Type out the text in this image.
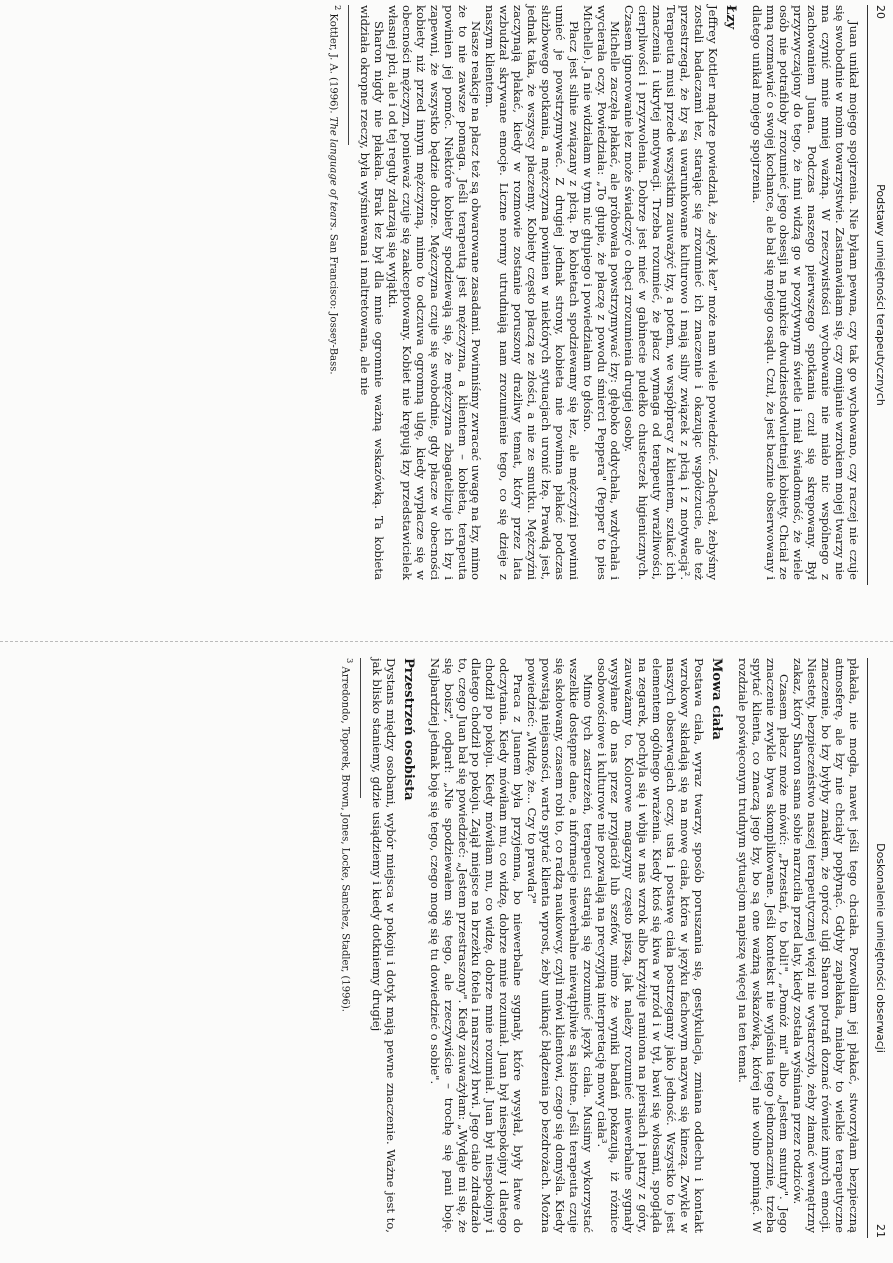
20
Podstawy umiejętności terapeutycznych

Juan unikał mojego spojrzenia. Nie byłam pewna, czy tak go wychowano, czy raczej nie czuje się swobodnie w moim towarzystwie. Zastanawiałam się, czy omijanie wzrokiem mojej twarzy nie ma czynić mnie mniej ważną. W rzeczywistości wychowanie nie miało nic wspólnego z zachowaniem Juana. Podczas naszego pierwszego spotkania czuł się skrępowany. Był przyzwyczajony do tego, że inni widzą go w pozytywnym świetle i miał świadomość, że wiele osób nie potrafiłoby zrozumieć jego obsesji na punkcie dwudziestodwuletniej kobiety. Chciał ze mną rozmawiać o swojej kochance, ale bał się mojego osądu. Czuł, że jest bacznie obserwowany i dlatego unikał mojego spojrzenia.

Łzy

Jeffrey Kottler mądrze powiedział, że „język łez" może nam wiele powiedzieć. Zachęcał, żebyśmy zostali badaczami łez, starając się zrozumieć ich znaczenie i okazując współczucie, ale też przestrzegał, że łzy są uwarunkowane kulturowo i mają silny związek z płcią i z motywacją². Terapeuta musi przede wszystkim zauważyć łzy, a potem, we współpracy z klientem, szukać ich znaczenia i ukrytej motywacji. Trzeba rozumieć, że płacz wymaga od terapeuty wrażliwości, cierpliwości i przyzwolenia. Dobrze jest mieć w gabinecie pudełko chusteczek higienicznych. Czasem ignorowanie łez może świadczyć o chęci zrozumienia drugiej osoby.

Michelle zaczęła płakać, ale próbowała powstrzymywać łzy: głęboko oddychała, wzdychała i wycierała oczy. Powiedziała: „To głupie, że płaczę z powodu śmierci Peppera" (Pepper to pies Michelle). Ja nie widziałam w tym nic głupiego i powiedziałam to głośno.

Płacz jest silnie związany z płcią. Po kobietach spodziewamy się łez, ale mężczyźni powinni umieć je powstrzymywać. Z drugiej jednak strony, kobieta nie powinna płakać podczas służbowego spotkania, a mężczyzna powinien w niektórych sytuacjach uronić łzę. Prawdą jest, jednak taka, że wszyscy płaczemy. Kobiety często płaczą ze złości, a nie ze smutku. Mężczyźni zaczynają płakać, kiedy w rozmowie zostanie poruszony drażliwy temat, który przez lata wzbudzał skrywane emocje. Liczne normy utrudniają nam zrozumienie tego, co się dzieje z naszym klientem.

Nasze reakcje na płacz też są obwarowane zasadami. Powinniśmy zwracać uwagę na łzy, mimo że to nie zawsze pomaga. Jeśli terapeutą jest mężczyzna, a klientem – kobieta, terapeuta powinien jej pomóc. Niektóre kobiety spodziewają się, że mężczyzna zbagatelizuje ich łzy i zapewni, że wszystko będzie dobrze. Mężczyzna czuje się swobodnie, gdy płacze w obecności kobiety niż przed innym mężczyzną, mimo to odczuwa ogromną ulgę, kiedy wypłacze się w obecności mężczyzn, ponieważ czuje się zaakceptowany. Kobiet nie krępują łzy przedstawicielek własnej płci, ale i od tej reguły zdarzają się wyjątki.

Sharon nigdy nie płakała. Brak łez był dla mnie ogromnie ważną wskazówką. Ta kobieta widziała okropne rzeczy, była wyśmiewana i maltretowana, ale nie

$^2$ Kottler, J. A. (1996). The language of tears. San Francisco: Jossey-Bass.

Doskonalenie umiejętności obserwacji
21

płakała, nie mogła, nawet jeśli tego chciała. Pozwoliłam jej płakać, stworzyłam bezpieczną atmosferę, ale łzy nie chciały popłynąć. Gdyby zapłakała, miałoby to wielkie terapeutyczne znaczenie, bo łzy byłyby znakiem, że oprócz ulgi Sharon potrafi doznać również innych emocji. Niestety, bezpieczeństwo naszej terapeutycznej więzi nie wystarczyło, żeby złamać wewnętrzny zakaz, który Sharon sama sobie narzuciła przed laty, kiedy została wyśmiana przez rodziców.

Czasem płacz może mówić: „Przestań, to boli!", „Pomóż mi" albo „Jestem smutny". Jego znaczenie zwykle bywa skomplikowane. Jeśli kontekst nie wyjaśnia tego jednoznacznie, trzeba spytać klienta, co znaczą jego łzy, bo są one ważną wskazówką, której nie wolno pominąć. W rozdziale poświęconym trudnym sytuacjom napiszę więcej na ten temat.

Mowa ciała

Postawa ciała, wyraz twarzy, sposób poruszania się, gestykulacja, zmiana oddechu i kontakt wzrokowy składają się na mowę ciała, która w języku fachowym nazywa się kinezą. Zwykle w naszych obserwacjach oczy, usta i postawę ciała postrzegamy jako jedność. Wszystko to jest elementem ogólnego wrażenia. Kiedy ktoś się kiwa w przód i w tył, bawi się włosami, spogląda na zegarek, pochyla się i wbija w nas wzrok albo krzyżuje ramiona na piersiach i patrzy z góry, zauważamy to. Kolorowe magazyny często piszą, jak należy rozumieć niewerbalne sygnały wysyłane do nas przez przyjaciół lub szefów, mimo że wyniki badań pokazują, iż różnice osobowościowe i kulturowe nie pozwalają na precyzyjną interpretację mowy ciała³.

Mimo tych zastrzeżeń, terapeuci starają się zrozumieć język ciała. Musimy wykorzystać wszelkie dostępne dane, a informacje niewerbalne niewątpliwie są istotne. Jeśli terapeuta czuje się skołowany, czasem robi to, co radzą naukowcy, czyli mówi klientowi, czego się domyśla. Kiedy powstają niejasności, warto spytać klienta wprost, żeby uniknąć błądzenia po bezdrożach. Można powiedzieć: „Widzę, że... Czy to prawda?"

Praca z Juanem była przyjemna, bo niewerbalne sygnały, które wysyłał, były łatwe do odczytania. Kiedy mówiłam mu, co widzę, dobrze mnie rozumiał. Juan był niespokojny i dlatego chodził po pokoju. Kiedy mówiłam mu, co widzę, dobrze mnie rozumiał. Juan był niespokojny i dlatego chodził po pokoju. Zajął miejsce na brzeżku fotela i marszczył brwi. Jego ciało zdradzało to, czego Juan bał się powiedzieć: „Jestem przestraszony". Kiedy zauważyłam: „Wydaje mi się, że się boisz", odparł: „Nie spodziewałem się tego, ale rzeczywiście – trochę się pani boję. Najbardziej jednak boję się tego, czego mogę się tu dowiedzieć o sobie".

Przestrzeń osobista

Dystans między osobami, wybór miejsca w pokoju i dotyk mają pewne znaczenie. Ważne jest to, jak blisko staniemy, gdzie usiądziemy i kiedy dotkniemy drugiej

$^3$ Arredondo, Toporek, Brown, Jones, Locke, Sanchez, Stadler, (1996).
